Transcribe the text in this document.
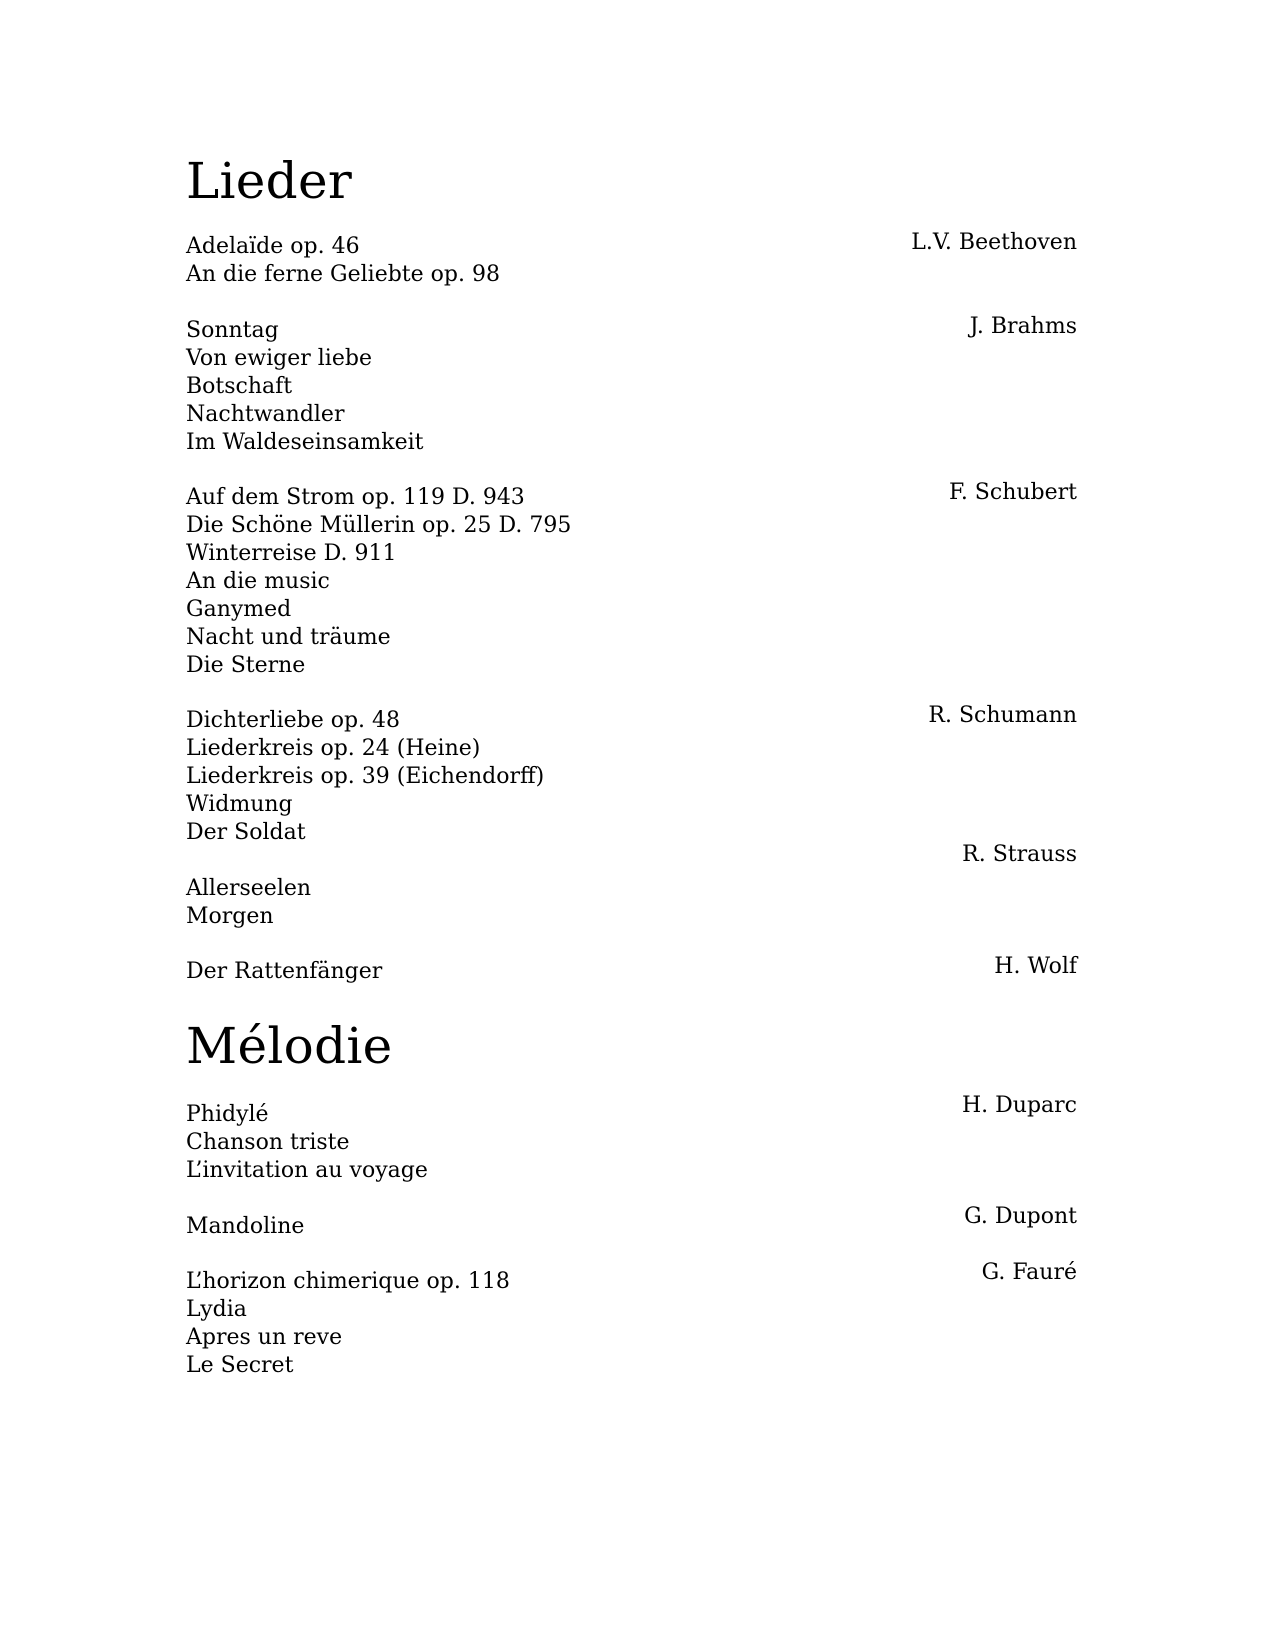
Lieder

L.V. Beethoven

Adelaïde op. 46

An die ferne Geliebte op. 98

J. Brahms

Sonntag

Von ewiger liebe

Botschaft

Nachtwandler

Im Waldeseinsamkeit

F. Schubert

Auf dem Strom op. 119 D. 943

Die Schöne Müllerin op. 25 D. 795

Winterreise D. 911

An die music

Ganymed

Nacht und träume

Die Sterne

R. Schumann

Dichterliebe op. 48

Liederkreis op. 24 (Heine)

Liederkreis op. 39 (Eichendorff)

Widmung

Der Soldat

R. Strauss

Allerseelen

Morgen

H. Wolf

Der Rattenfänger

Mélodie

H. Duparc

Phidylé

Chanson triste

L’invitation au voyage

G. Dupont

Mandoline

G. Fauré

L’horizon chimerique op. 118

Lydia

Apres un reve

Le Secret
